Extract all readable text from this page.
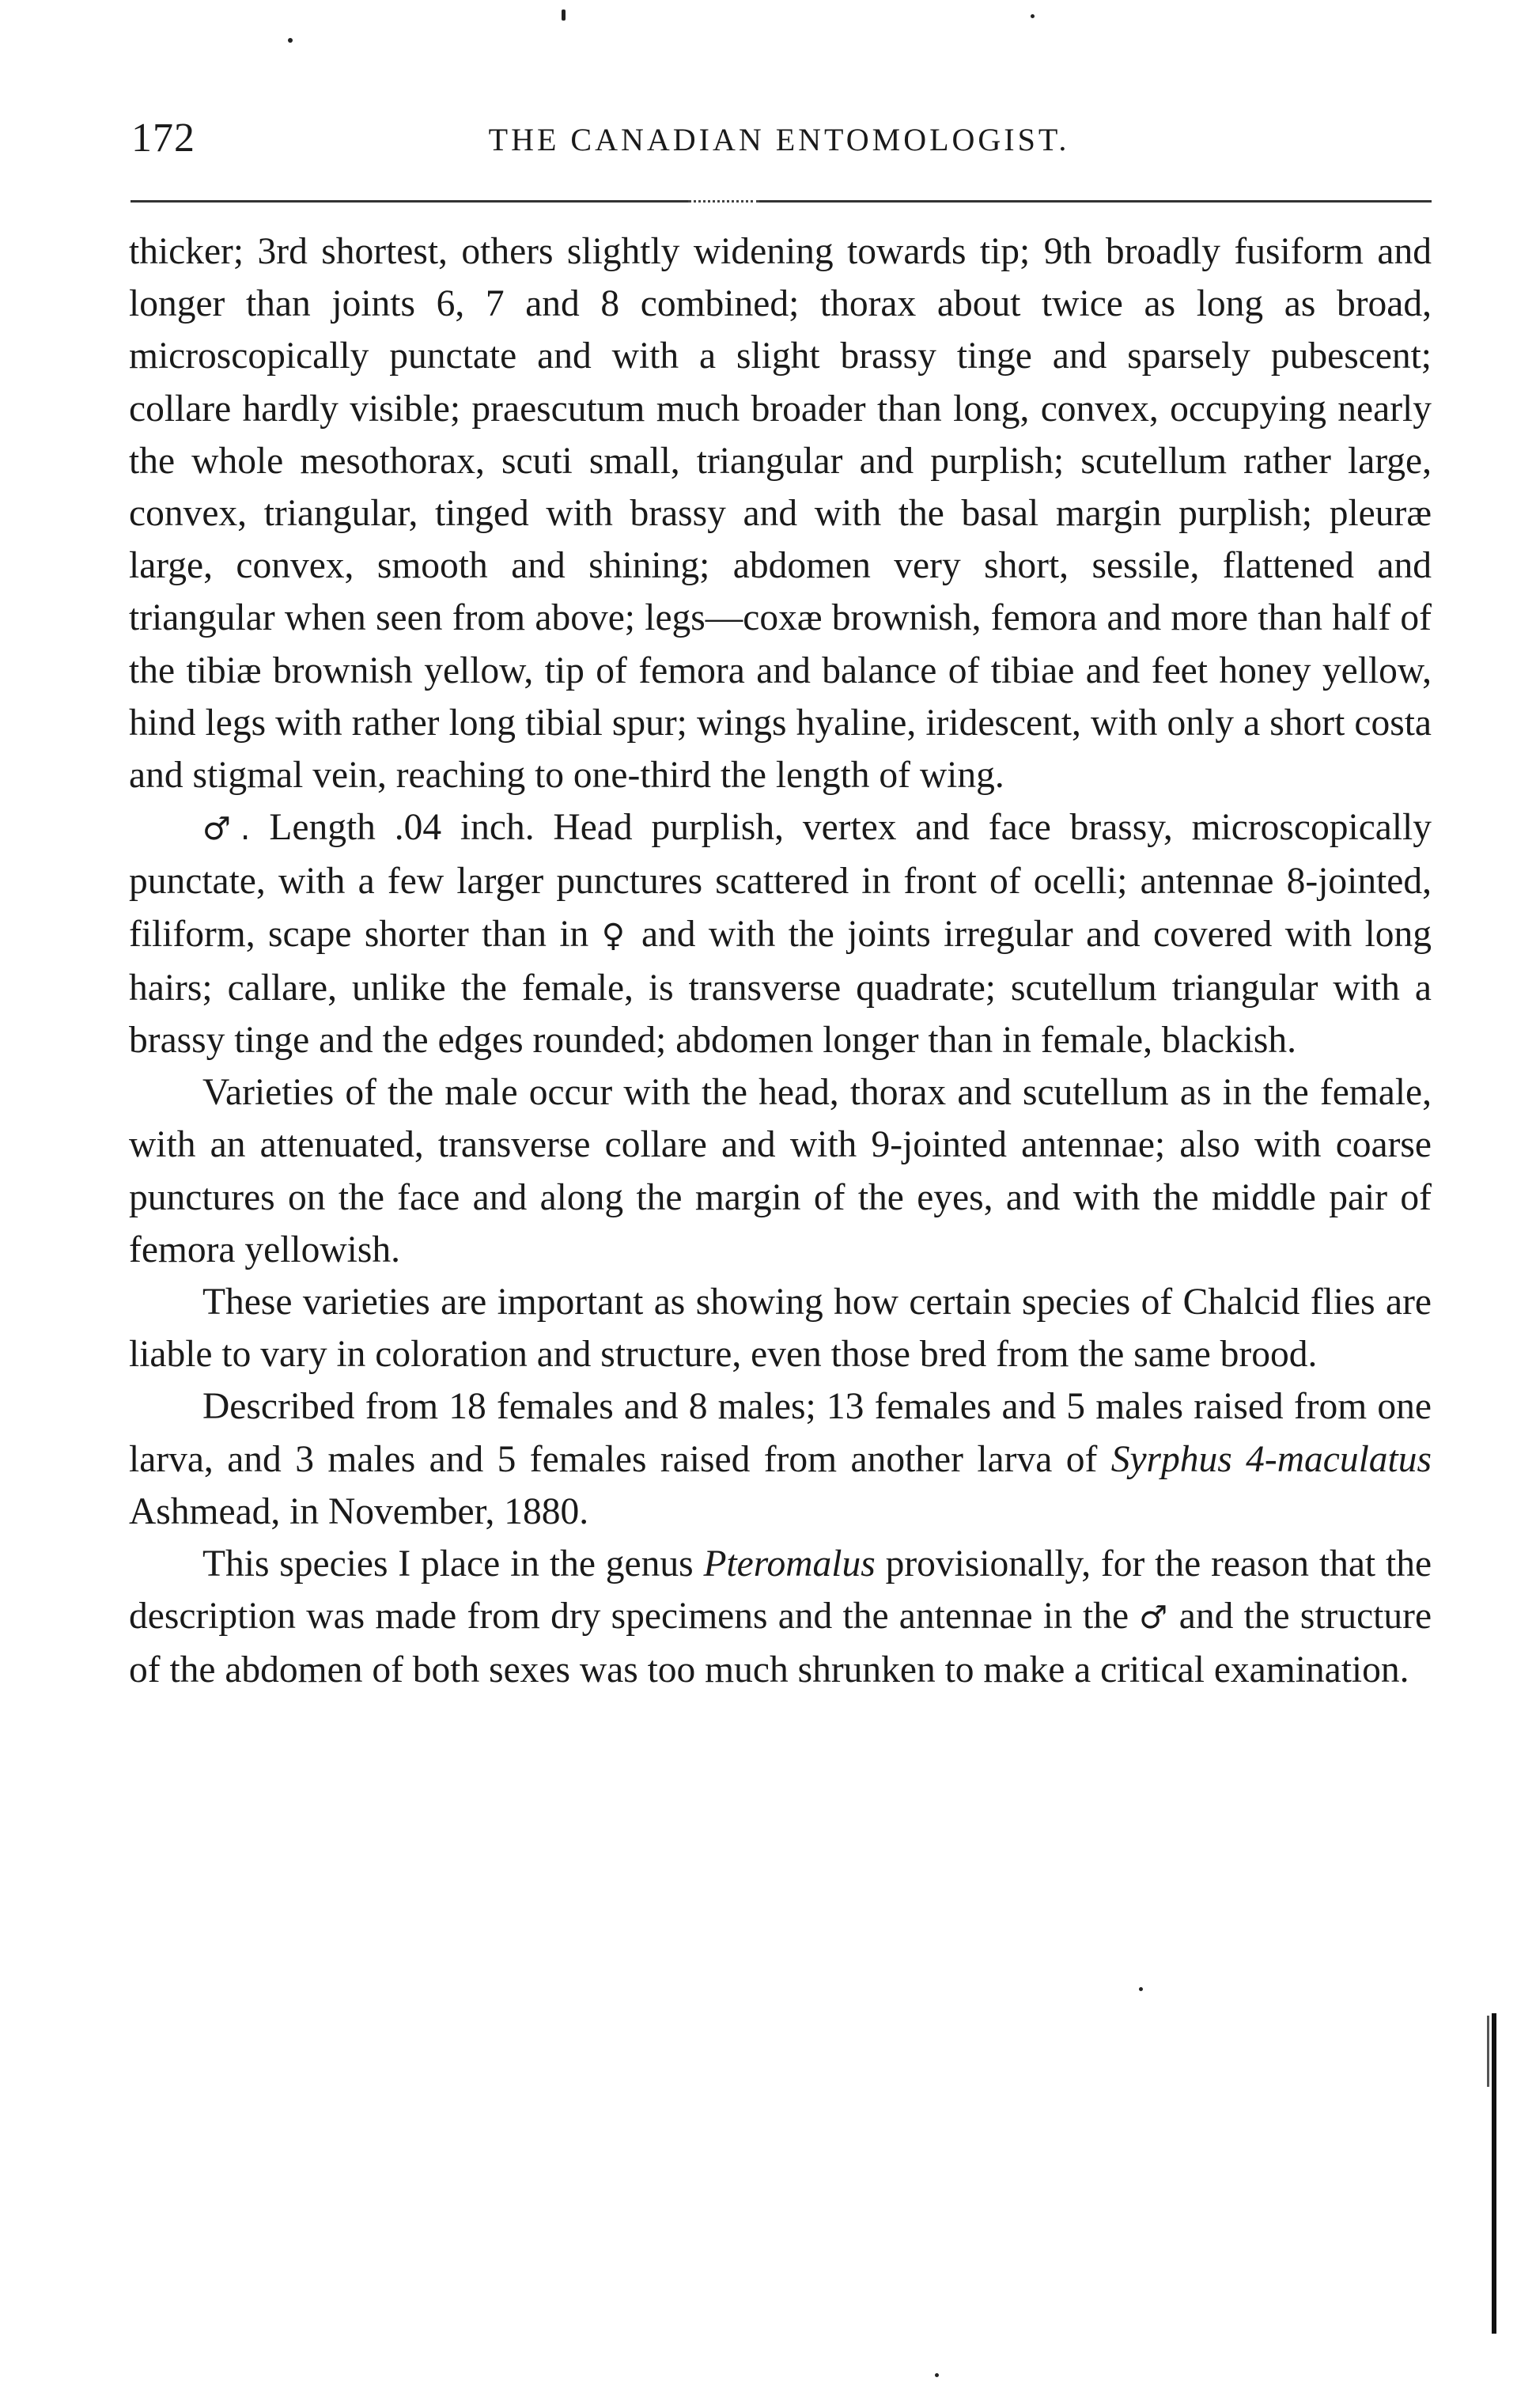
172	THE CANADIAN ENTOMOLOGIST.

thicker; 3rd shortest, others slightly widening towards tip; 9th broadly fusiform and longer than joints 6, 7 and 8 combined; thorax about twice as long as broad, microscopically punctate and with a slight brassy tinge and sparsely pubescent; collare hardly visible; praescutum much broader than long, convex, occupying nearly the whole mesothorax, scuti small, triangular and purplish; scutellum rather large, convex, triangular, tinged with brassy and with the basal margin purplish; pleuræ large, convex, smooth and shining; abdomen very short, sessile, flattened and triangular when seen from above; legs—coxæ brownish, femora and more than half of the tibiæ brownish yellow, tip of femora and balance of tibiae and feet honey yellow, hind legs with rather long tibial spur; wings hyaline, iridescent, with only a short costa and stigmal vein, reaching to one-third the length of wing.

♂. Length .04 inch. Head purplish, vertex and face brassy, microscopically punctate, with a few larger punctures scattered in front of ocelli; antennae 8-jointed, filiform, scape shorter than in ♀ and with the joints irregular and covered with long hairs; callare, unlike the female, is transverse quadrate; scutellum triangular with a brassy tinge and the edges rounded; abdomen longer than in female, blackish.

Varieties of the male occur with the head, thorax and scutellum as in the female, with an attenuated, transverse collare and with 9-jointed antennae; also with coarse punctures on the face and along the margin of the eyes, and with the middle pair of femora yellowish.

These varieties are important as showing how certain species of Chalcid flies are liable to vary in coloration and structure, even those bred from the same brood.

Described from 18 females and 8 males; 13 females and 5 males raised from one larva, and 3 males and 5 females raised from another larva of Syrphus 4-maculatus Ashmead, in November, 1880.

This species I place in the genus Pteromalus provisionally, for the reason that the description was made from dry specimens and the antennae in the ♂ and the structure of the abdomen of both sexes was too much shrunken to make a critical examination.
